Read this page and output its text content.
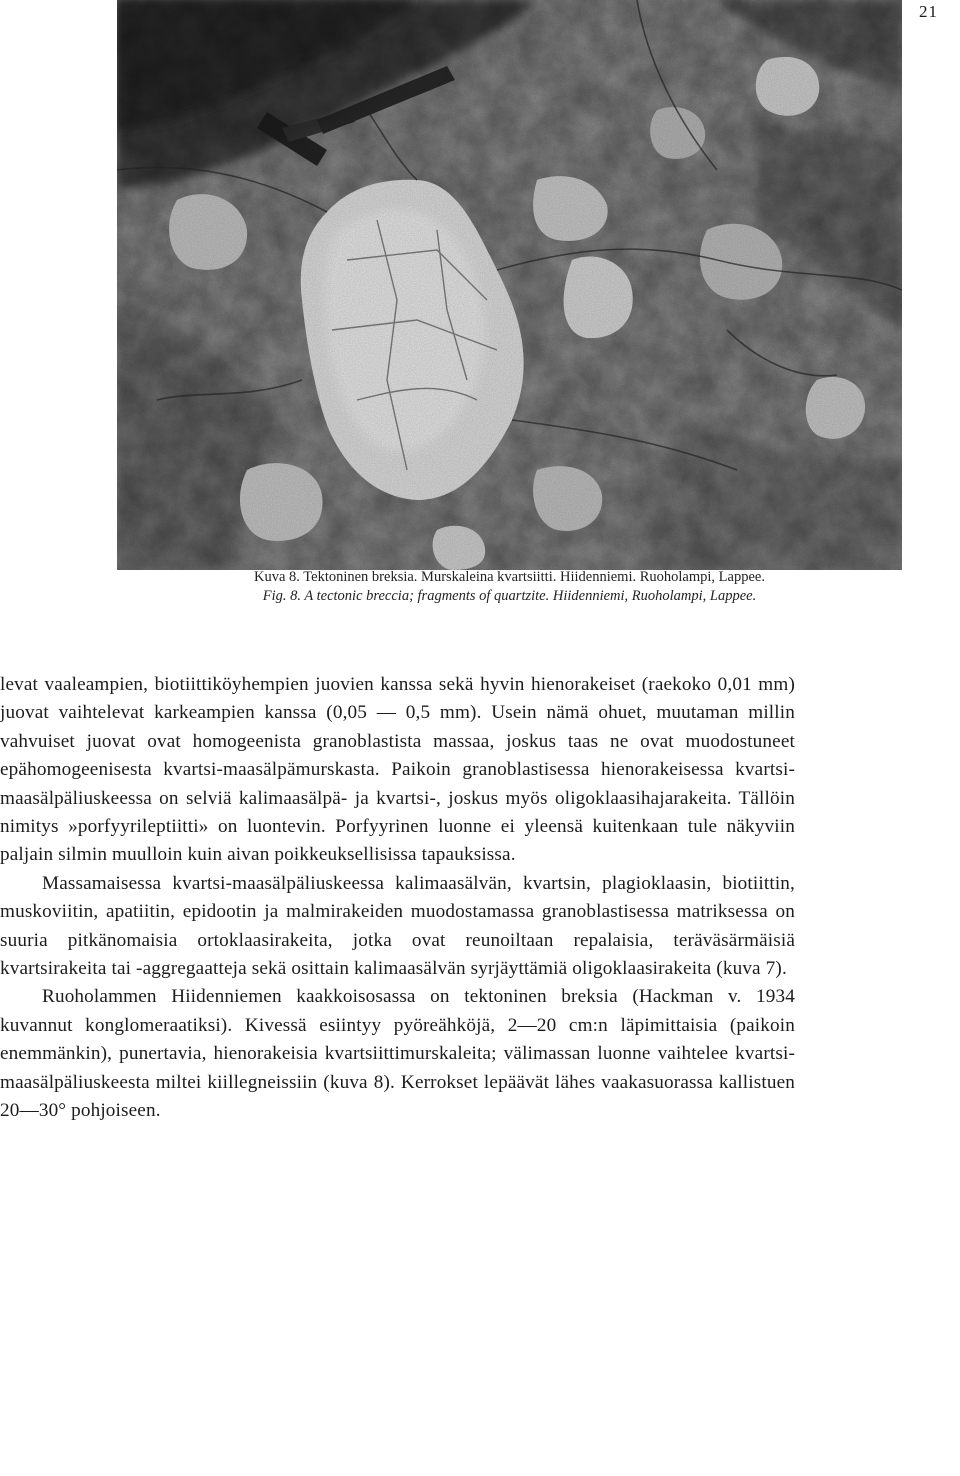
21

Kuva 8. Tektoninen breksia. Murskaleina kvartsiitti. Hiidenniemi. Ruoholampi, Lappee.

Fig. 8. A tectonic breccia; fragments of quartzite. Hiidenniemi, Ruoholampi, Lappee.

levat vaaleampien, biotiittiköyhempien juovien kanssa sekä hyvin hienorakeiset (raekoko 0,01 mm) juovat vaihtelevat karkeampien kanssa (0,05 — 0,5 mm). Usein nämä ohuet, muutaman millin vahvuiset juovat ovat homogeenista granoblastista massaa, joskus taas ne ovat muodostuneet epähomogeenisesta kvartsi-maasälpämurskasta. Paikoin granoblastisessa hienorakeisessa kvartsi-maasälpäliuskeessa on selviä kalimaasälpä- ja kvartsi-, joskus myös oligoklaasihajarakeita. Tällöin nimitys »porfyyrileptiitti» on luontevin. Porfyyrinen luonne ei yleensä kuitenkaan tule näkyviin paljain silmin muulloin kuin aivan poikkeuksellisissa tapauksissa.

Massamaisessa kvartsi-maasälpäliuskeessa kalimaasälvän, kvartsin, plagioklaasin, biotiittin, muskoviitin, apatiitin, epidootin ja malmirakeiden muodostamassa granoblastisessa matriksessa on suuria pitkänomaisia ortoklaasirakeita, jotka ovat reunoiltaan repalaisia, teräväsärmäisiä kvartsirakeita tai -aggregaatteja sekä osittain kalimaasälvän syrjäyttämiä oligoklaasirakeita (kuva 7).

Ruoholammen Hiidenniemen kaakkoisosassa on tektoninen breksia (Hackman v. 1934 kuvannut konglomeraatiksi). Kivessä esiintyy pyöreähköjä, 2—20 cm:n läpimittaisia (paikoin enemmänkin), punertavia, hienorakeisia kvartsiittimurskaleita; välimassan luonne vaihtelee kvartsi-maasälpäliuskeesta miltei kiillegneissiin (kuva 8). Kerrokset lepäävät lähes vaakasuorassa kallistuen 20—30° pohjoiseen.
